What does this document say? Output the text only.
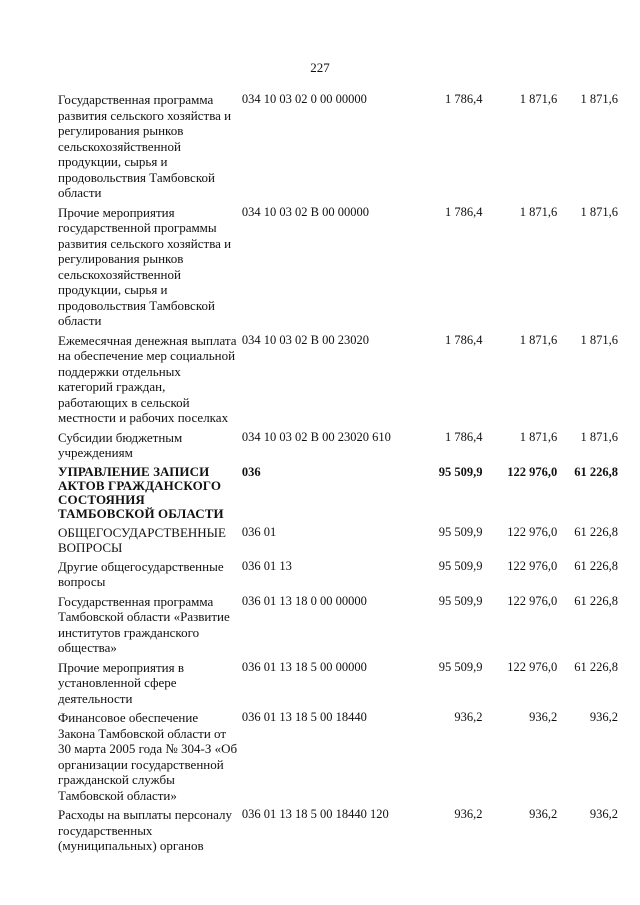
227
Государственная программа развития сельского хозяйства и регулирования рынков сельскохозяйственной продукции, сырья и продовольствия Тамбовской области	034 10 03 02 0 00 00000	1 786,4	1 871,6	1 871,6
Прочие мероприятия государственной программы развития сельского хозяйства и регулирования рынков сельскохозяйственной продукции, сырья и продовольствия Тамбовской области	034 10 03 02 В 00 00000	1 786,4	1 871,6	1 871,6
Ежемесячная денежная выплата на обеспечение мер социальной поддержки отдельных категорий граждан, работающих в сельской местности и рабочих поселках	034 10 03 02 В 00 23020	1 786,4	1 871,6	1 871,6
Субсидии бюджетным учреждениям	034 10 03 02 В 00 23020 610	1 786,4	1 871,6	1 871,6
УПРАВЛЕНИЕ ЗАПИСИ АКТОВ ГРАЖДАНСКОГО СОСТОЯНИЯ ТАМБОВСКОЙ ОБЛАСТИ	036	95 509,9	122 976,0	61 226,8
ОБЩЕГОСУДАРСТВЕННЫЕ ВОПРОСЫ	036 01	95 509,9	122 976,0	61 226,8
Другие общегосударственные вопросы	036 01 13	95 509,9	122 976,0	61 226,8
Государственная программа Тамбовской области «Развитие институтов гражданского общества»	036 01 13 18 0 00 00000	95 509,9	122 976,0	61 226,8
Прочие мероприятия в установленной сфере деятельности	036 01 13 18 5 00 00000	95 509,9	122 976,0	61 226,8
Финансовое обеспечение Закона Тамбовской области от 30 марта 2005 года № 304-З «Об организации государственной гражданской службы Тамбовской области»	036 01 13 18 5 00 18440	936,2	936,2	936,2
Расходы на выплаты персоналу государственных (муниципальных) органов	036 01 13 18 5 00 18440 120	936,2	936,2	936,2
